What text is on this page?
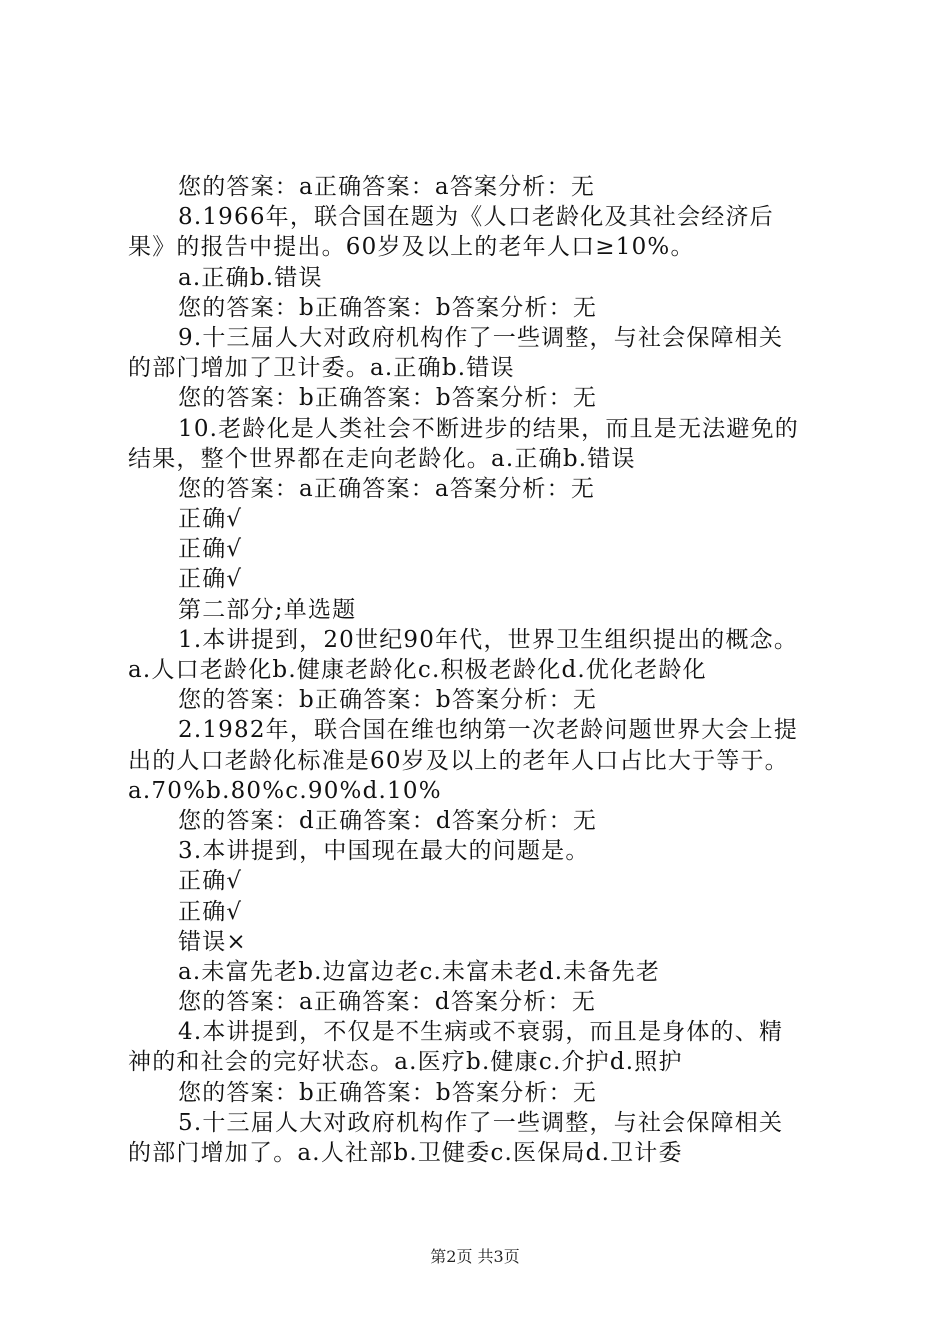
您的答案：a正确答案：a答案分析：无
8.1966年，联合国在题为《人口老龄化及其社会经济后
果》的报告中提出。60岁及以上的老年人口≥10%。
a.正确b.错误
您的答案：b正确答案：b答案分析：无
9.十三届人大对政府机构作了一些调整，与社会保障相关
的部门增加了卫计委。a.正确b.错误
您的答案：b正确答案：b答案分析：无
10.老龄化是人类社会不断进步的结果，而且是无法避免的
结果，整个世界都在走向老龄化。a.正确b.错误
您的答案：a正确答案：a答案分析：无
正确√
正确√
正确√
第二部分;单选题
1.本讲提到，20世纪90年代，世界卫生组织提出的概念。
a.人口老龄化b.健康老龄化c.积极老龄化d.优化老龄化
您的答案：b正确答案：b答案分析：无
2.1982年，联合国在维也纳第一次老龄问题世界大会上提
出的人口老龄化标准是60岁及以上的老年人口占比大于等于。
a.70%b.80%c.90%d.10%
您的答案：d正确答案：d答案分析：无
3.本讲提到，中国现在最大的问题是。
正确√
正确√
错误×
a.未富先老b.边富边老c.未富未老d.未备先老
您的答案：a正确答案：d答案分析：无
4.本讲提到，不仅是不生病或不衰弱，而且是身体的、精
神的和社会的完好状态。a.医疗b.健康c.介护d.照护
您的答案：b正确答案：b答案分析：无
5.十三届人大对政府机构作了一些调整，与社会保障相关
的部门增加了。a.人社部b.卫健委c.医保局d.卫计委
第2页 共3页
